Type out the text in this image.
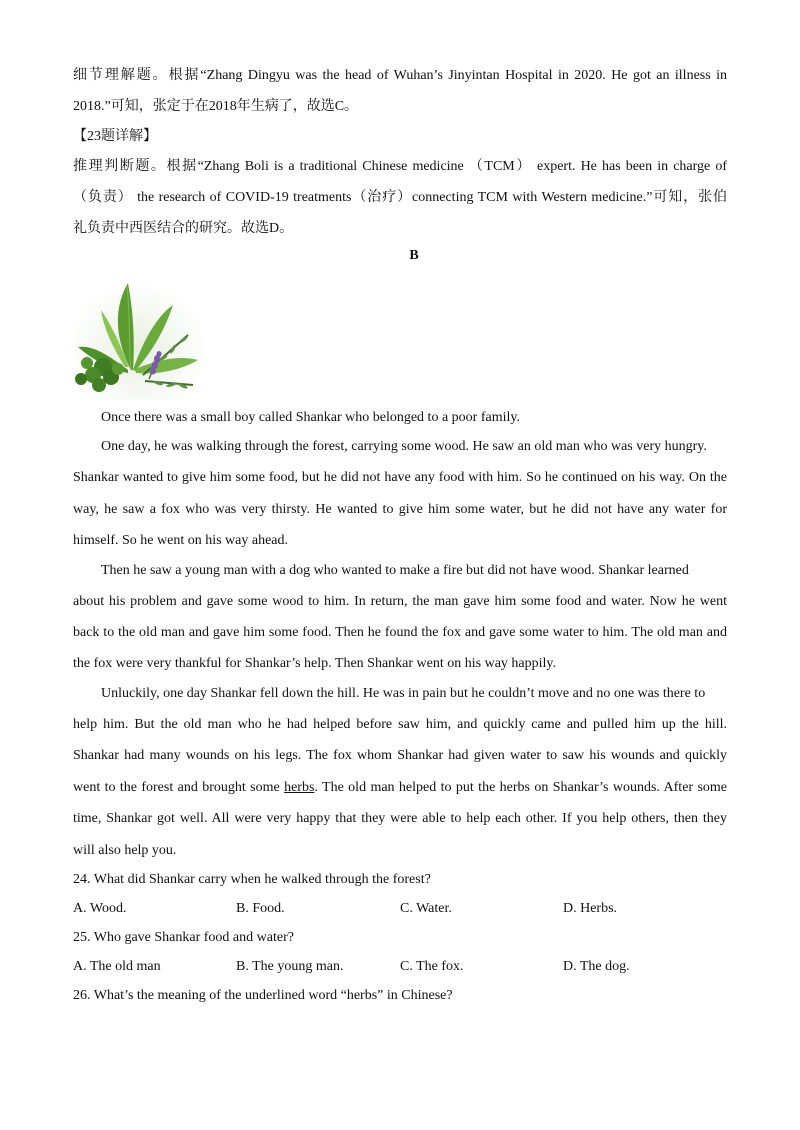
细节理解题。根据“Zhang Dingyu was the head of Wuhan’s Jinyintan Hospital in 2020. He got an illness in
2018.”可知，张定于在2018年生病了，故选C。
【23题详解】
推理判断题。根据“Zhang Boli is a traditional Chinese medicine （TCM） expert. He has been in charge of
（负责） the research of COVID-19 treatments（治疗）connecting TCM with Western medicine.”可知，张伯
礼负责中西医结合的研究。故选D。
B
Once there was a small boy called Shankar who belonged to a poor family.
One day, he was walking through the forest, carrying some wood. He saw an old man who was very hungry.
Shankar wanted to give him some food, but he did not have any food with him. So he continued on his way. On the
way, he saw a fox who was very thirsty. He wanted to give him some water, but he did not have any water for
himself. So he went on his way ahead.
Then he saw a young man with a dog who wanted to make a fire but did not have wood. Shankar learned
about his problem and gave some wood to him. In return, the man gave him some food and water. Now he went
back to the old man and gave him some food. Then he found the fox and gave some water to him. The old man and
the fox were very thankful for Shankar’s help. Then Shankar went on his way happily.
Unluckily, one day Shankar fell down the hill. He was in pain but he couldn’t move and no one was there to
help him. But the old man who he had helped before saw him, and quickly came and pulled him up the hill.
Shankar had many wounds on his legs. The fox whom Shankar had given water to saw his wounds and quickly
went to the forest and brought some herbs. The old man helped to put the herbs on Shankar’s wounds. After some
time, Shankar got well. All were very happy that they were able to help each other. If you help others, then they
will also help you.
24. What did Shankar carry when he walked through the forest?
A. Wood.	B. Food.	C. Water.	D. Herbs.
25. Who gave Shankar food and water?
A. The old man	B. The young man.	C. The fox.	D. The dog.
26. What’s the meaning of the underlined word “herbs” in Chinese?
